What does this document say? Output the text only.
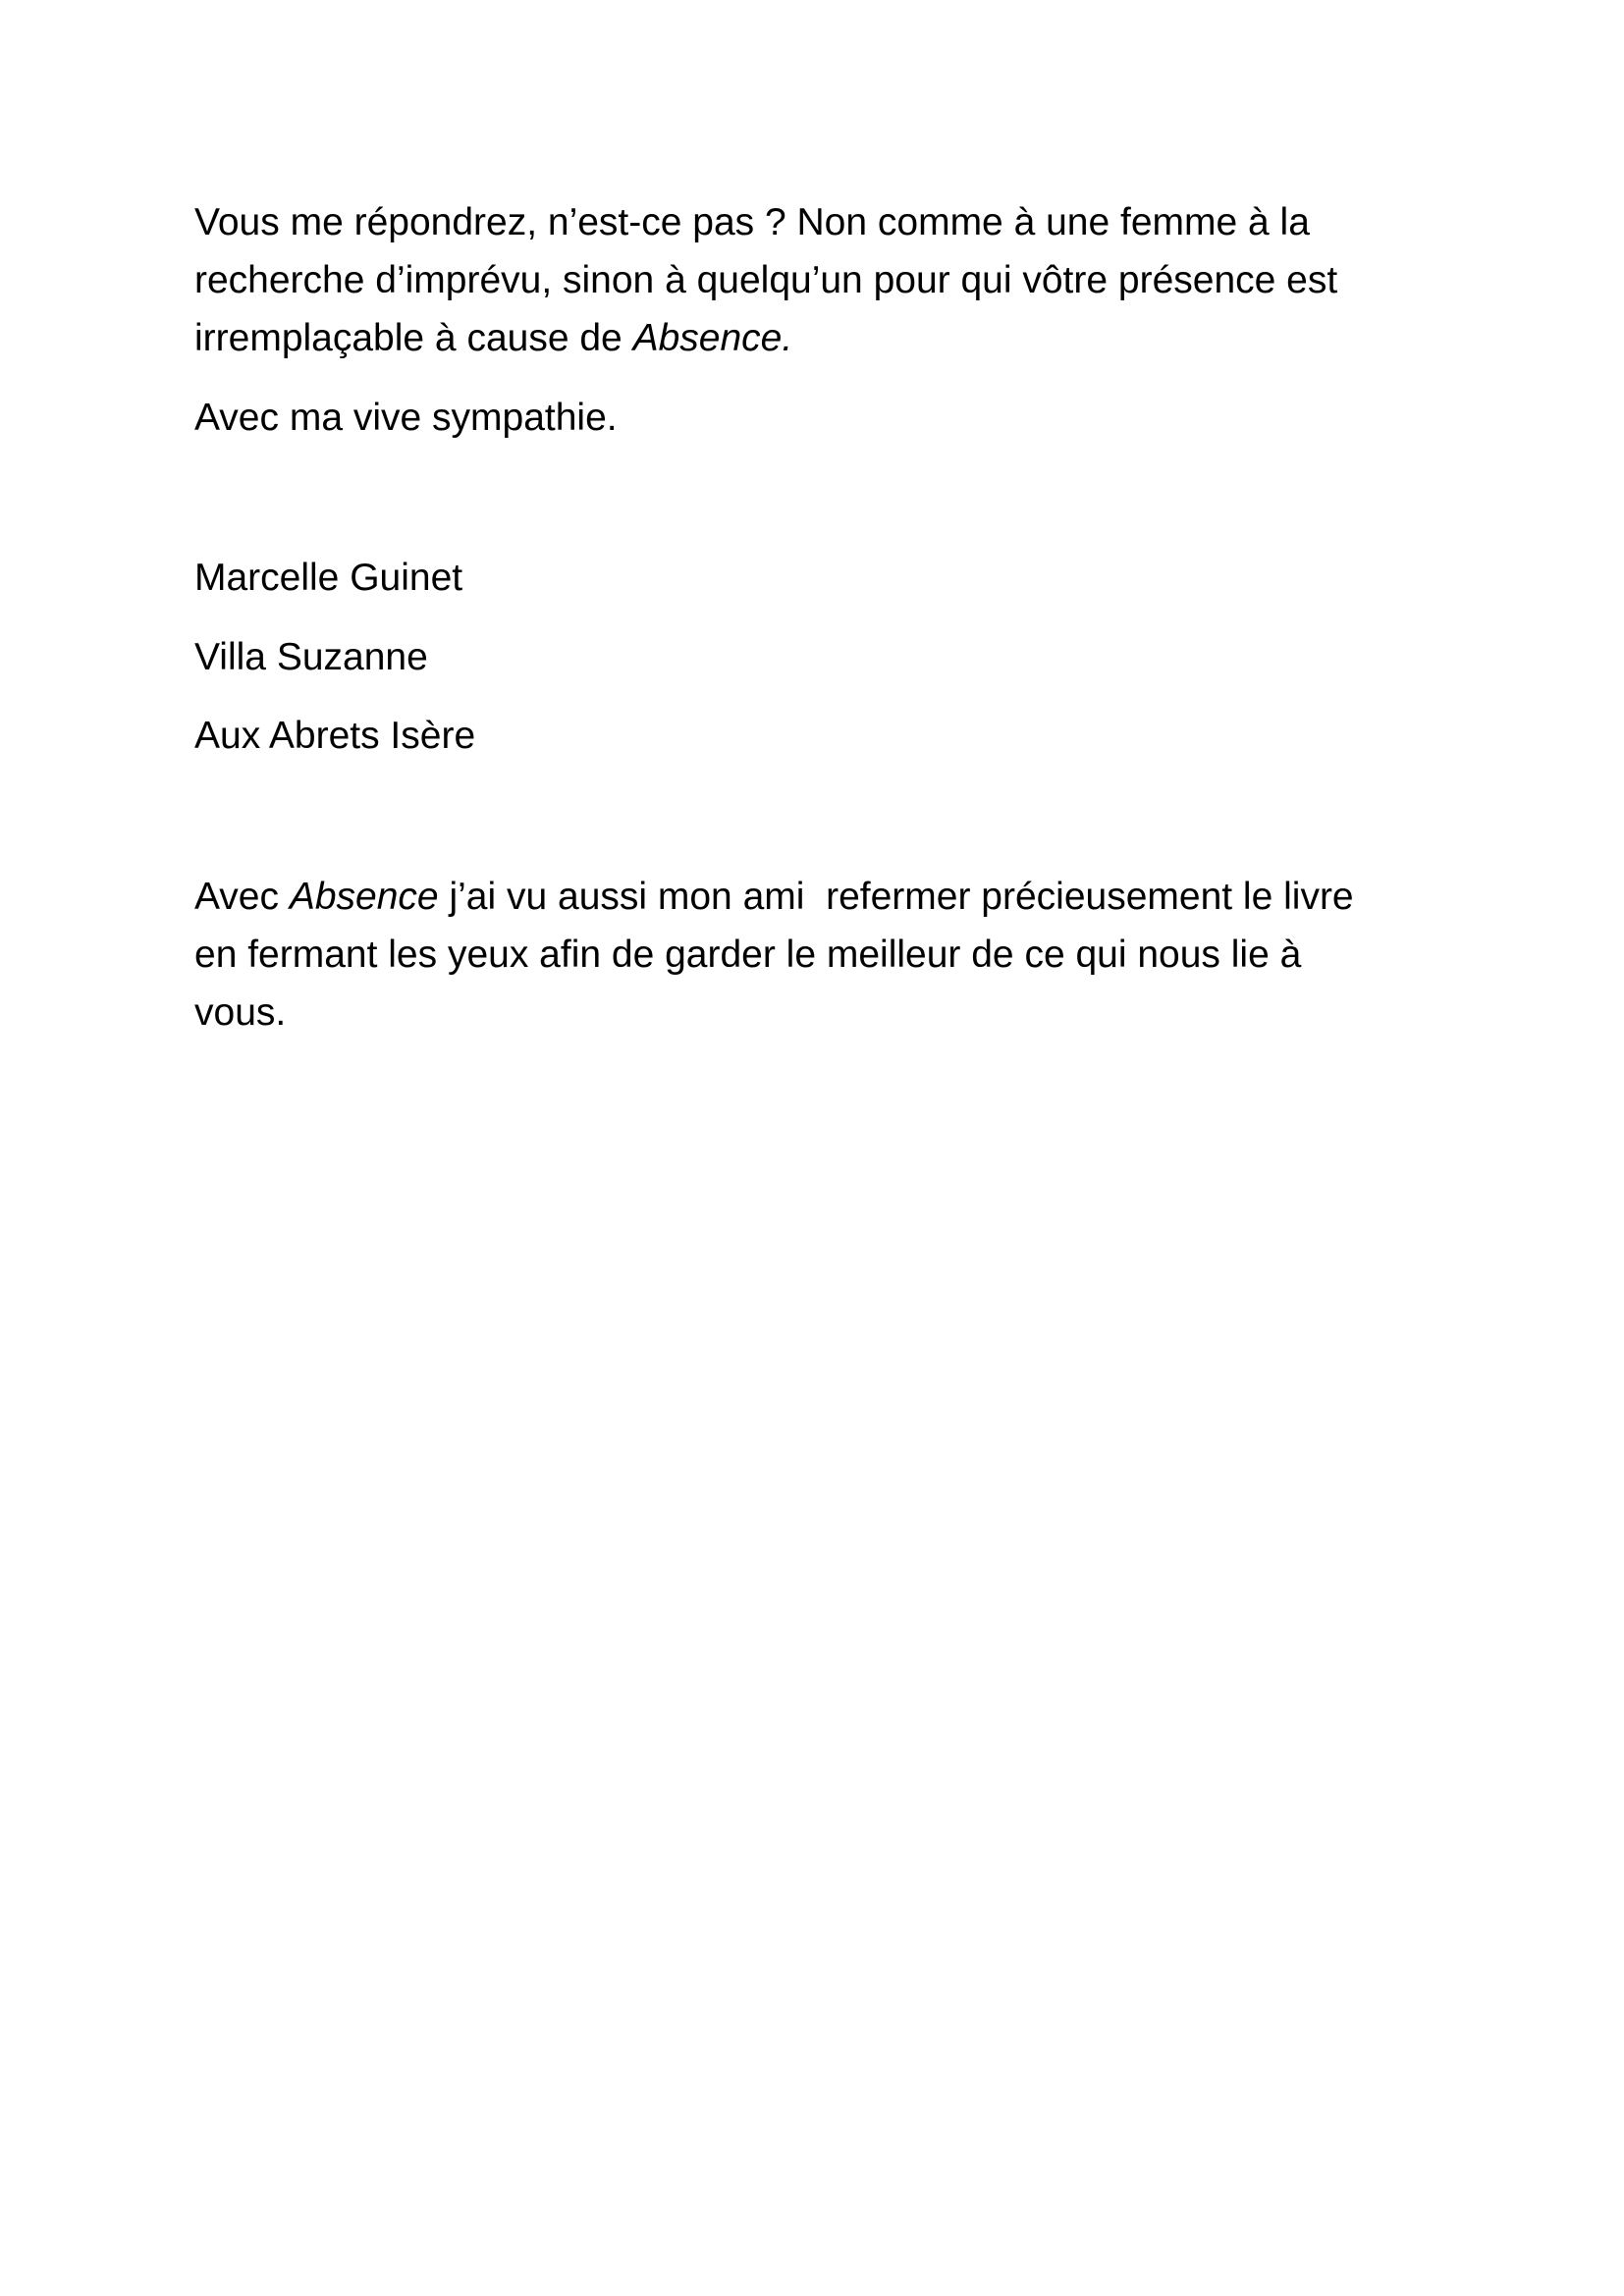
Vous me répondrez, n’est-ce pas ? Non comme à une femme à la
recherche d’imprévu, sinon à quelqu’un pour qui vôtre présence est
irremplaçable à cause de Absence.
Avec ma vive sympathie.
Marcelle Guinet
Villa Suzanne
Aux Abrets Isère
Avec Absence j’ai vu aussi mon ami  refermer précieusement le livre
en fermant les yeux afin de garder le meilleur de ce qui nous lie à
vous.
